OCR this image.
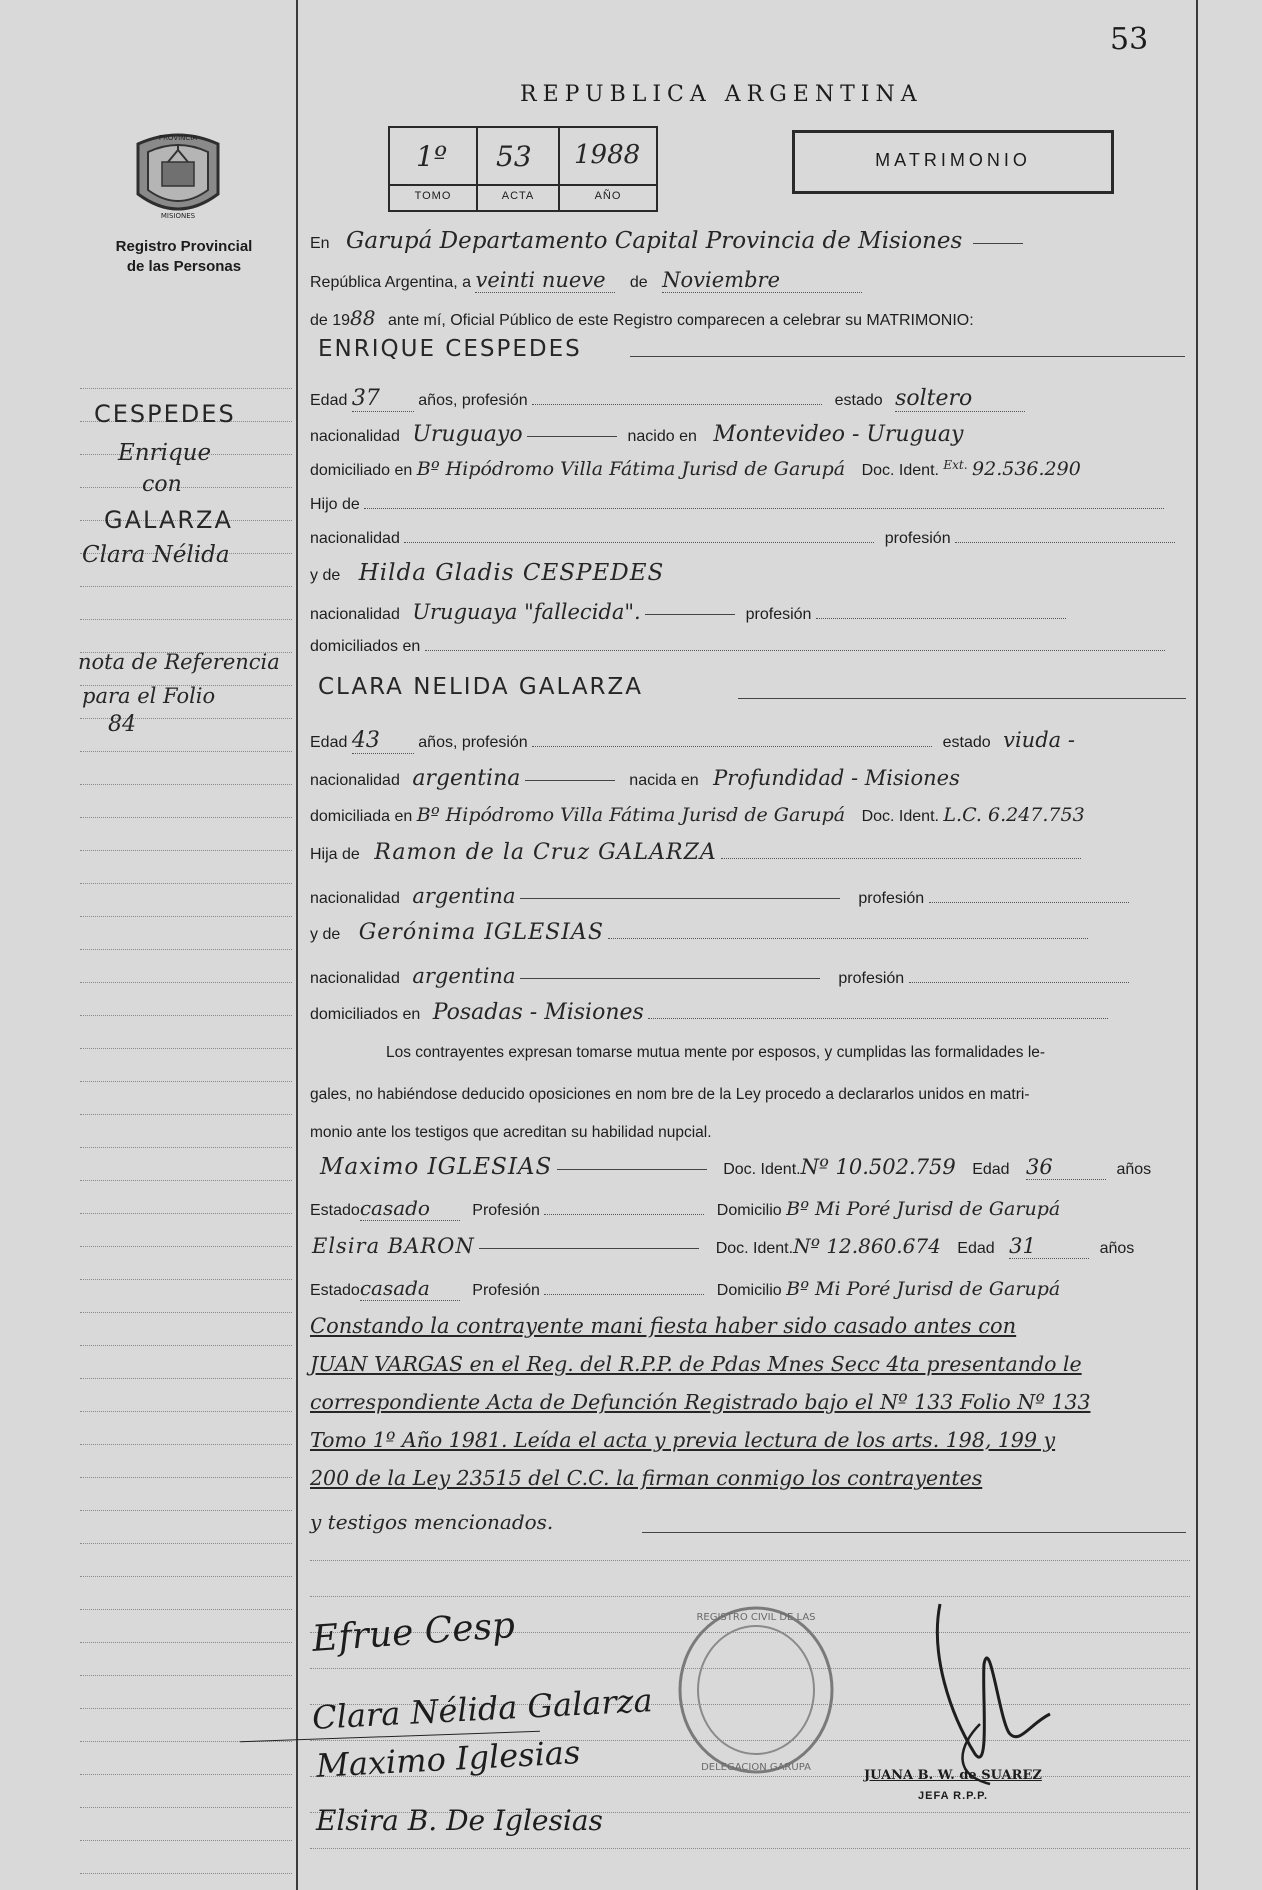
53
REPUBLICA ARGENTINA
PROVINCIA
MISIONES
Registro Provincial
de las Personas
1º 53 1988
TOMO	ACTA	AÑO
MATRIMONIO
CESPEDES
Enrique
con
GALARZA
Clara Nélida
nota de Referencia
para el Folio
84
En Garupá Departamento Capital Provincia de Misiones
República Argentina, a veinti nueve de Noviembre
de 1988 ante mí, Oficial Público de este Registro comparecen a celebrar su MATRIMONIO:
ENRIQUE CESPEDES
Edad 37 años, profesión	estado soltero
nacionalidad Uruguayo	nacido en Montevideo - Uruguay
domiciliado en Bº Hipódromo Villa Fátima Jurisd de Garupá Doc. Ident. $^{Ext.}$ 92.536.290
Hijo de
nacionalidad	profesión
y de Hilda Gladis CESPEDES
nacionalidad Uruguaya "fallecida".	profesión
domiciliados en
CLARA NELIDA GALARZA
Edad 43 años, profesión	estado viuda -
nacionalidad argentina	nacida en Profundidad - Misiones
domiciliada en Bº Hipódromo Villa Fátima Jurisd de Garupá Doc. Ident. L.C. 6.247.753
Hija de Ramon de la Cruz GALARZA
nacionalidad argentina	profesión
y de Gerónima IGLESIAS
nacionalidad argentina	profesión
domiciliados en Posadas - Misiones
Los contrayentes expresan tomarse mutua mente por esposos, y cumplidas las formalidades le-
gales, no habiéndose deducido oposiciones en nom bre de la Ley procedo a declararlos unidos en matri-
monio ante los testigos que acreditan su habilidad nupcial.
Maximo IGLESIAS	Doc. Ident.Nº 10.502.759 Edad 36	años
Estadocasado	Profesión	Domicilio Bº Mi Poré Jurisd de Garupá
Elsira BARON	Doc. Ident.Nº 12.860.674 Edad 31	años
Estadocasada	Profesión	Domicilio Bº Mi Poré Jurisd de Garupá
Constando la contrayente mani fiesta haber sido casado antes con
JUAN VARGAS en el Reg. del R.P.P. de Pdas Mnes Secc 4ta presentando le
correspondiente Acta de Defunción Registrado bajo el Nº 133 Folio Nº 133
Tomo 1º Año 1981. Leída el acta y previa lectura de los arts. 198, 199 y
200 de la Ley 23515 del C.C. la firman conmigo los contrayentes
y testigos mencionados.
Efrue Cesp
Clara Nélida Galarza
Maximo Iglesias
Elsira B. De Iglesias
REGISTRO CIVIL DE LAS
DELEGACION GARUPA
JUANA B. W. de SUAREZ
JEFA R.P.P.
